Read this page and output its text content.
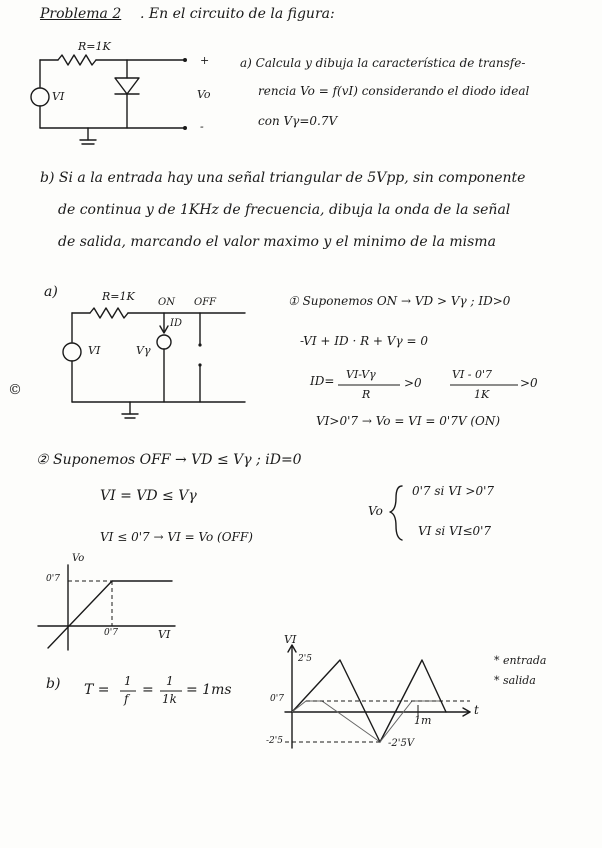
Problema 2 . En el circuito de la figura:
R=1K
+
-
Vo
VI
a) Calcula y dibuja la característica de transfe-
rencia Vo = f(vI) considerando el diodo ideal
con Vγ=0.7V
b) Si a la entrada hay una señal triangular de 5Vpp, sin componente
de continua y de 1KHz de frecuencia, dibuja la onda de la señal
de salida, marcando el valor maximo y el minimo de la misma
a)	R=1K ON OFF
ID
VI	Vγ
©
① Suponemos ON → VD > Vγ ; ID>0
-VI + ID · R + Vγ = 0
ID= VI-Vγ
R
>0
VI - 0'7
1K
>0
VI>0'7 → Vo = VI = 0'7V (ON)
② Suponemos OFF → VD ≤ Vγ ; iD=0
VI = VD ≤ Vγ
VI ≤ 0'7 → VI = Vo (OFF)
Vo
0'7 si VI >0'7
VI si VI≤0'7
Vo
0'7
0'7	VI
b) T =
1
f
=
1
1k
= 1ms
VI
2'5
0'7
-2'5
1m
t
-2'5V
* entrada
* salida
